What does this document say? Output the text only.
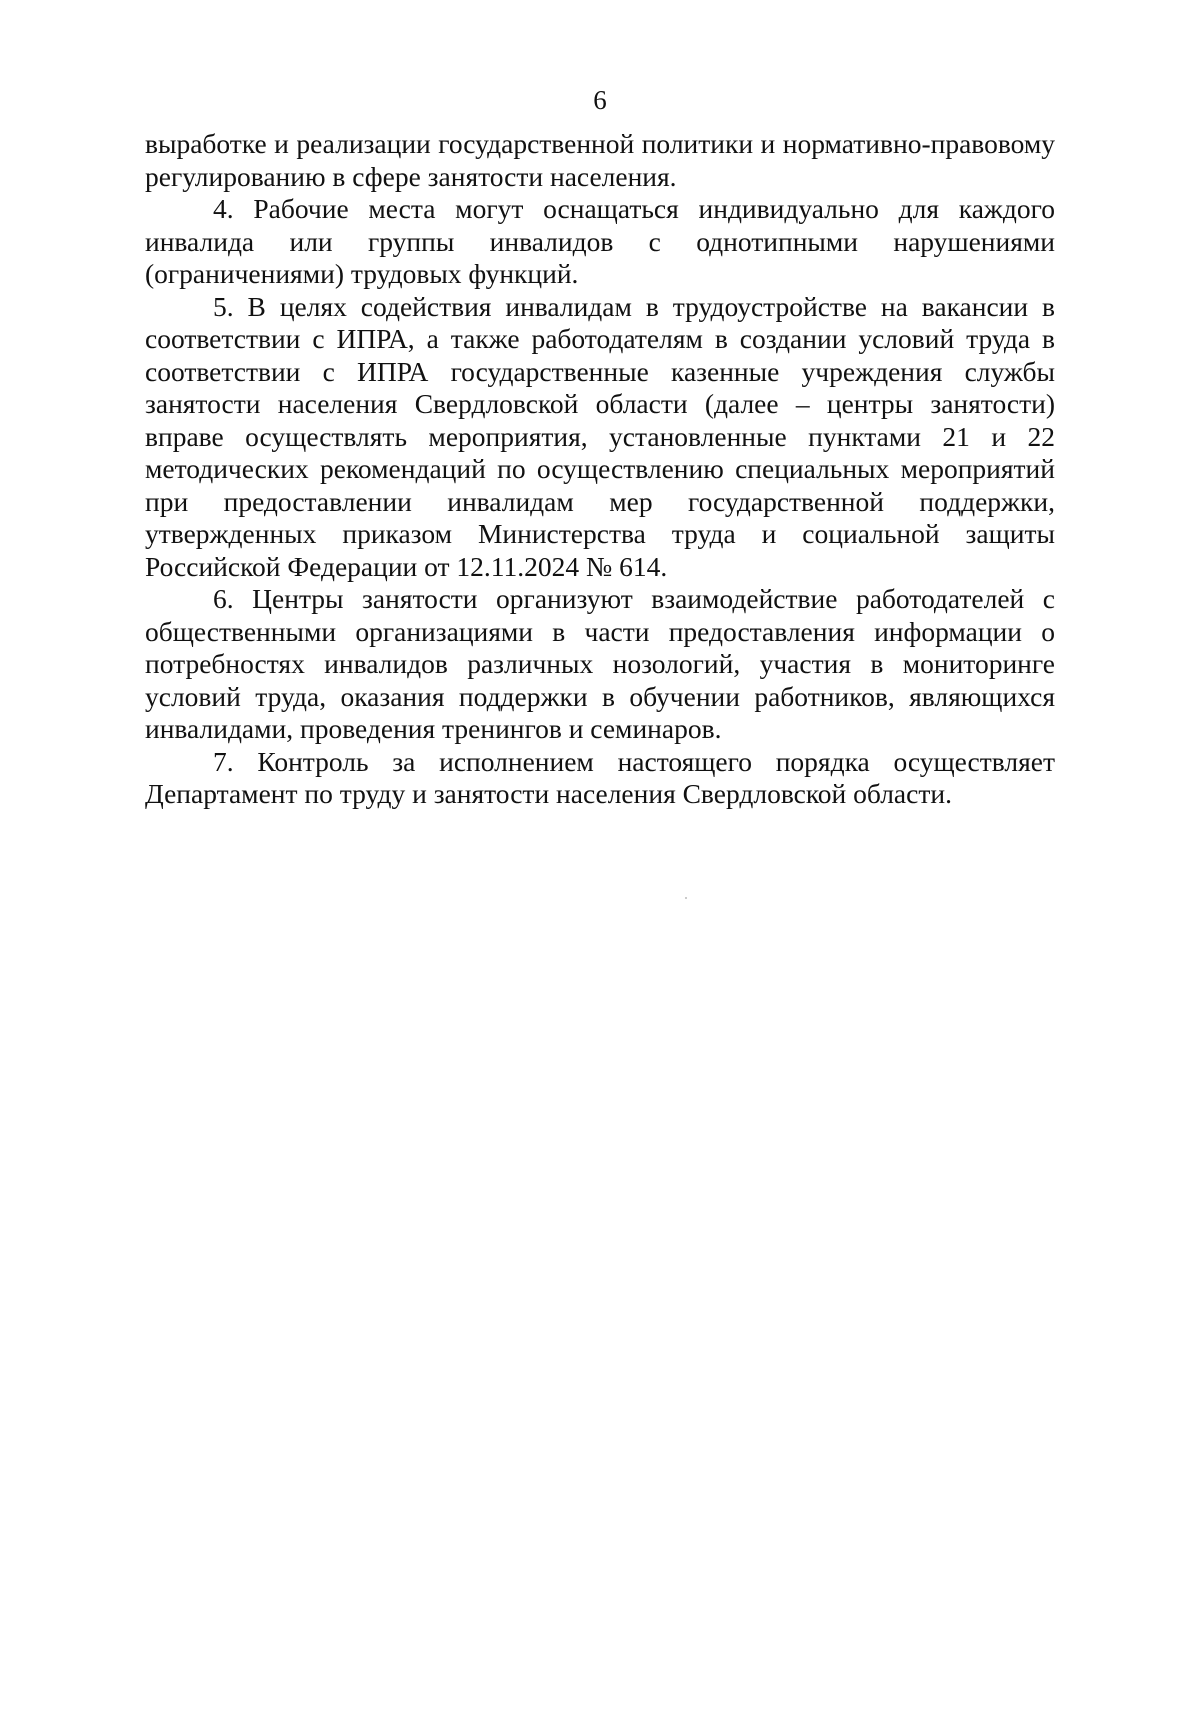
6

выработке и реализации государственной политики и нормативно-правовому регулированию в сфере занятости населения.

4. Рабочие места могут оснащаться индивидуально для каждого инвалида или группы инвалидов с однотипными нарушениями (ограничениями) трудовых функций.

5. В целях содействия инвалидам в трудоустройстве на вакансии в соответствии с ИПРА, а также работодателям в создании условий труда в соответствии с ИПРА государственные казенные учреждения службы занятости населения Свердловской области (далее – центры занятости) вправе осуществлять мероприятия, установленные пунктами 21 и 22 методических рекомендаций по осуществлению специальных мероприятий при предоставлении инвалидам мер государственной поддержки, утвержденных приказом Министерства труда и социальной защиты Российской Федерации от 12.11.2024 № 614.

6. Центры занятости организуют взаимодействие работодателей с общественными организациями в части предоставления информации о потребностях инвалидов различных нозологий, участия в мониторинге условий труда, оказания поддержки в обучении работников, являющихся инвалидами, проведения тренингов и семинаров.

7. Контроль за исполнением настоящего порядка осуществляет Департамент по труду и занятости населения Свердловской области.
